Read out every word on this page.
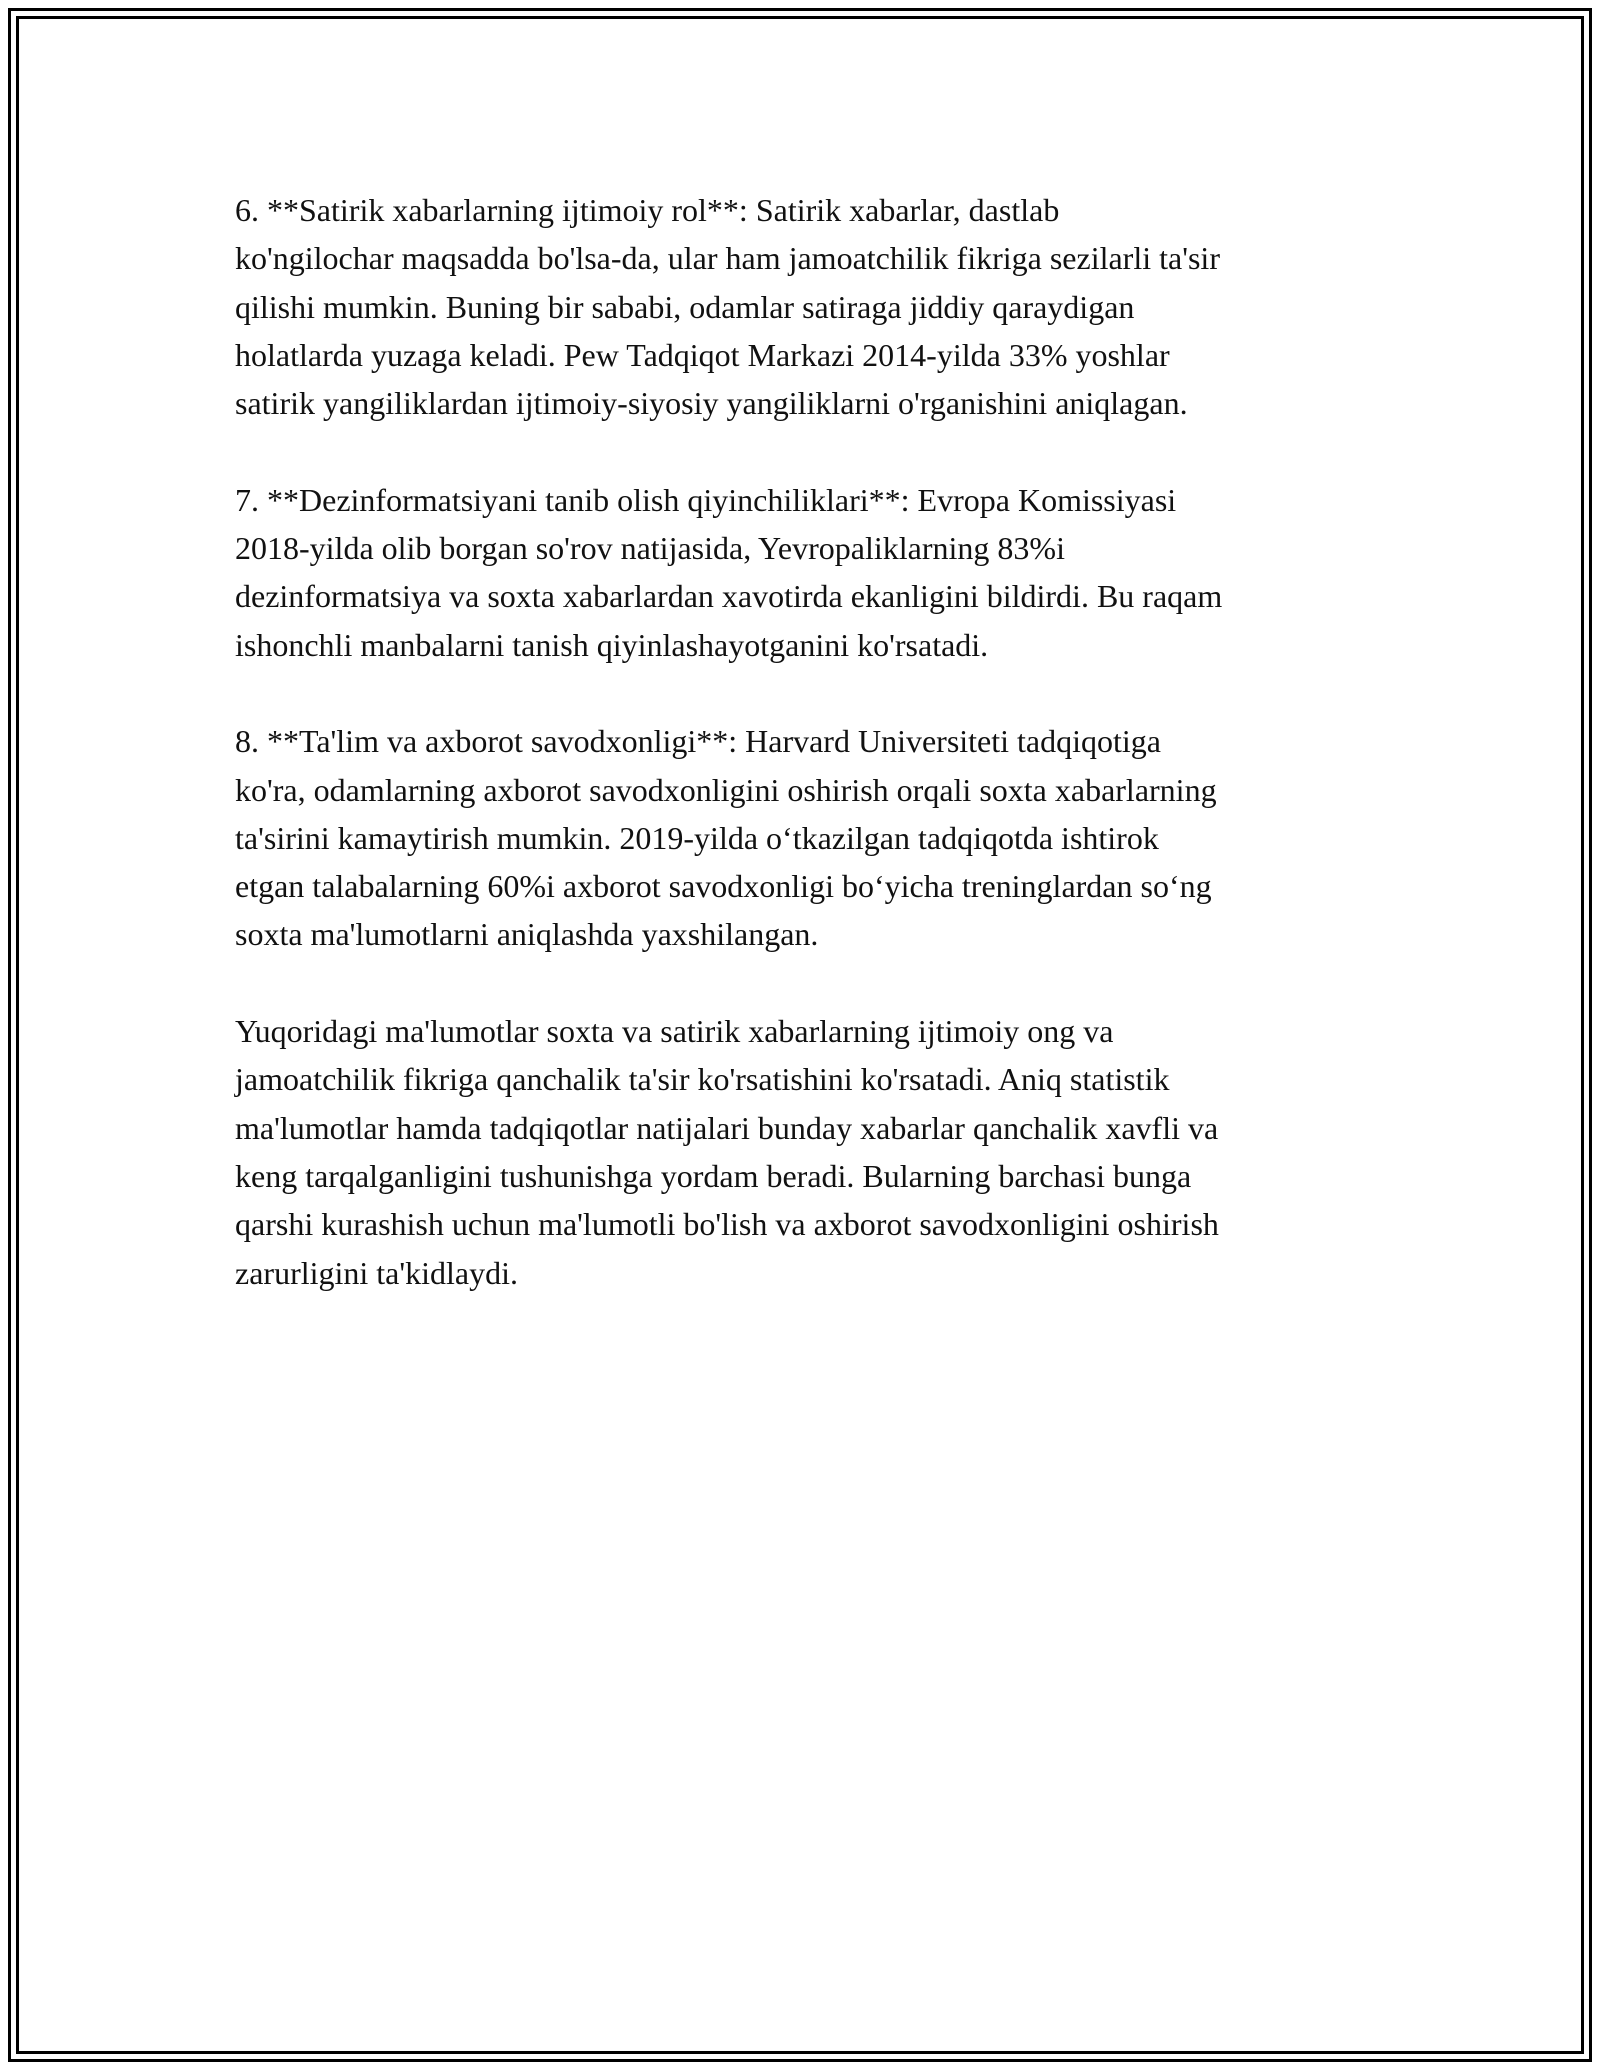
6. **Satirik xabarlarning ijtimoiy rol**: Satirik xabarlar, dastlab
ko'ngilochar maqsadda bo'lsa-da, ular ham jamoatchilik fikriga sezilarli ta'sir
qilishi mumkin. Buning bir sababi, odamlar satiraga jiddiy qaraydigan
holatlarda yuzaga keladi. Pew Tadqiqot Markazi 2014-yilda 33% yoshlar
satirik yangiliklardan ijtimoiy-siyosiy yangiliklarni o'rganishini aniqlagan.

7. **Dezinformatsiyani tanib olish qiyinchiliklari**: Evropa Komissiyasi
2018-yilda olib borgan so'rov natijasida, Yevropaliklarning 83%i
dezinformatsiya va soxta xabarlardan xavotirda ekanligini bildirdi. Bu raqam
ishonchli manbalarni tanish qiyinlashayotganini ko'rsatadi.

8. **Ta'lim va axborot savodxonligi**: Harvard Universiteti tadqiqotiga
ko'ra, odamlarning axborot savodxonligini oshirish orqali soxta xabarlarning
ta'sirini kamaytirish mumkin. 2019-yilda o‘tkazilgan tadqiqotda ishtirok
etgan talabalarning 60%i axborot savodxonligi bo‘yicha treninglardan so‘ng
soxta ma'lumotlarni aniqlashda yaxshilangan.

Yuqoridagi ma'lumotlar soxta va satirik xabarlarning ijtimoiy ong va
jamoatchilik fikriga qanchalik ta'sir ko'rsatishini ko'rsatadi. Aniq statistik
ma'lumotlar hamda tadqiqotlar natijalari bunday xabarlar qanchalik xavfli va
keng tarqalganligini tushunishga yordam beradi. Bularning barchasi bunga
qarshi kurashish uchun ma'lumotli bo'lish va axborot savodxonligini oshirish
zarurligini ta'kidlaydi.
